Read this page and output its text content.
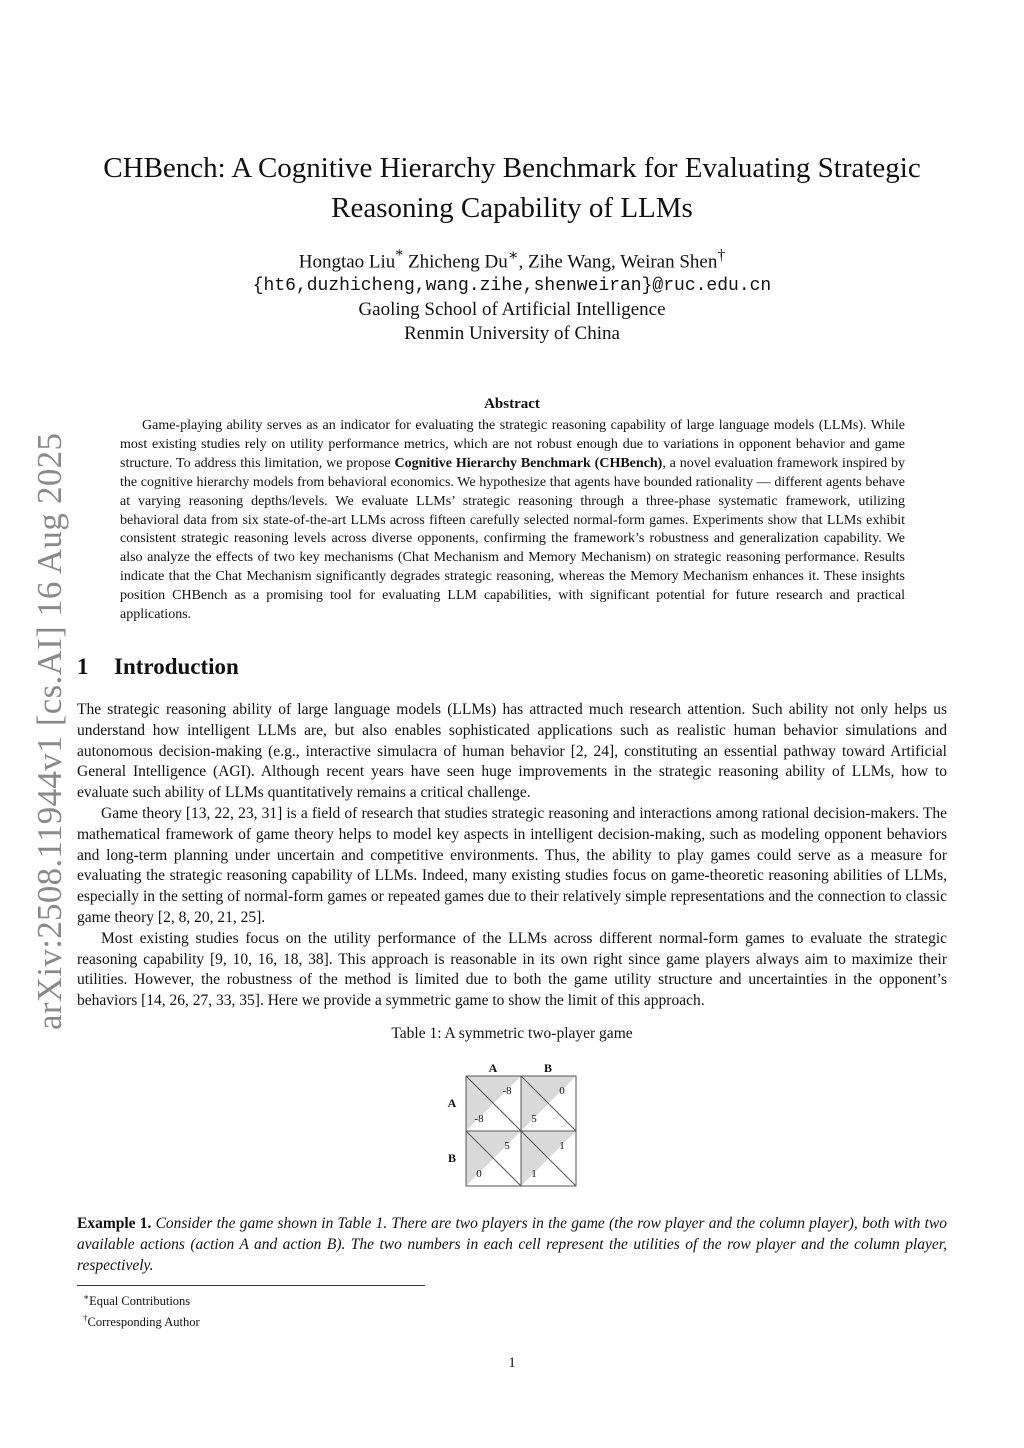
arXiv:2508.11944v1 [cs.AI] 16 Aug 2025
CHBench: A Cognitive Hierarchy Benchmark for Evaluating Strategic
Reasoning Capability of LLMs
Hongtao Liu* Zhicheng Du∗, Zihe Wang, Weiran Shen†
{ht6,duzhicheng,wang.zihe,shenweiran}@ruc.edu.cn
Gaoling School of Artificial Intelligence
Renmin University of China
Abstract
Game-playing ability serves as an indicator for evaluating the strategic reasoning capability of large language models (LLMs). While most existing studies rely on utility performance metrics, which are not robust enough due to variations in opponent behavior and game structure. To address this limitation, we propose Cognitive Hierarchy Benchmark (CHBench), a novel evaluation framework inspired by the cognitive hierarchy models from behavioral economics. We hypothesize that agents have bounded rationality — different agents behave at varying reasoning depths/levels. We evaluate LLMs’ strategic reasoning through a three-phase systematic framework, utilizing behavioral data from six state-of-the-art LLMs across fifteen carefully selected normal-form games. Experiments show that LLMs exhibit consistent strategic reasoning levels across diverse opponents, confirming the framework’s robustness and generalization capability. We also analyze the effects of two key mechanisms (Chat Mechanism and Memory Mechanism) on strategic reasoning performance. Results indicate that the Chat Mechanism significantly degrades strategic reasoning, whereas the Memory Mechanism enhances it. These insights position CHBench as a promising tool for evaluating LLM capabilities, with significant potential for future research and practical applications.
1 Introduction

The strategic reasoning ability of large language models (LLMs) has attracted much research attention. Such ability not only helps us understand how intelligent LLMs are, but also enables sophisticated applications such as realistic human behavior simulations and autonomous decision-making (e.g., interactive simulacra of human behavior [2, 24], constituting an essential pathway toward Artificial General Intelligence (AGI). Although recent years have seen huge improvements in the strategic reasoning ability of LLMs, how to evaluate such ability of LLMs quantitatively remains a critical challenge.

Game theory [13, 22, 23, 31] is a field of research that studies strategic reasoning and interactions among rational decision-makers. The mathematical framework of game theory helps to model key aspects in intelligent decision-making, such as modeling opponent behaviors and long-term planning under uncertain and competitive environments. Thus, the ability to play games could serve as a measure for evaluating the strategic reasoning capability of LLMs. Indeed, many existing studies focus on game-theoretic reasoning abilities of LLMs, especially in the setting of normal-form games or repeated games due to their relatively simple representations and the connection to classic game theory [2, 8, 20, 21, 25].

Most existing studies focus on the utility performance of the LLMs across different normal-form games to evaluate the strategic reasoning capability [9, 10, 16, 18, 38]. This approach is reasonable in its own right since game players always aim to maximize their utilities. However, the robustness of the method is limited due to both the game utility structure and uncertainties in the opponent’s behaviors [14, 26, 27, 33, 35]. Here we provide a symmetric game to show the limit of this approach.

Table 1: A symmetric two-player game
A	B
A
B
-8
-8
0
5
5
0
1
1
Example 1. Consider the game shown in Table 1. There are two players in the game (the row player and the column player), both with two available actions (action A and action B). The two numbers in each cell represent the utilities of the row player and the column player, respectively.
∗Equal Contributions
†Corresponding Author
1
